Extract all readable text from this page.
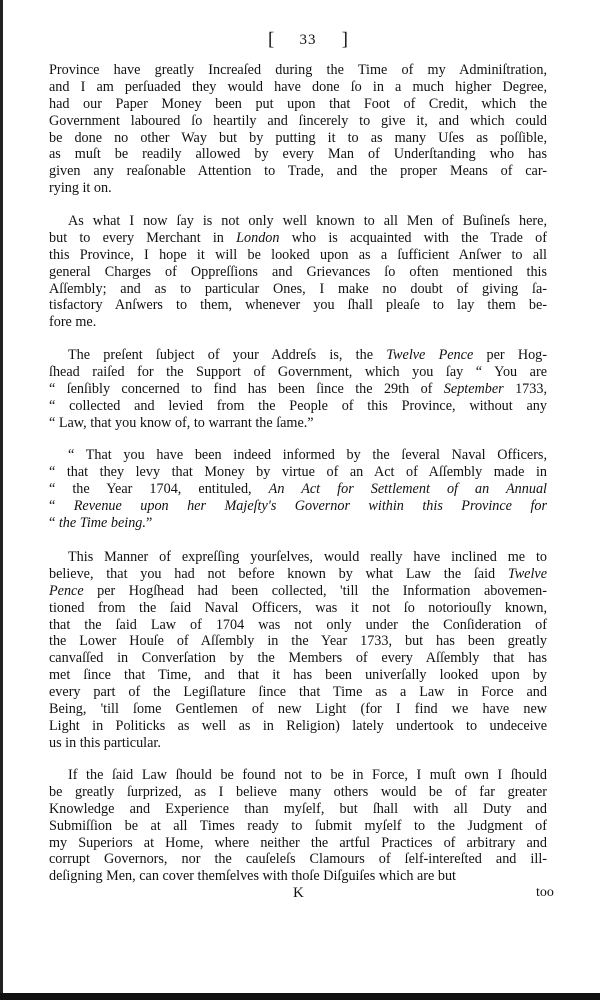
[ 33 ]
Province have greatly Increaſed during the Time of my Adminiſtration,
and I am perſuaded they would have done ſo in a much higher Degree,
had our Paper Money been put upon that Foot of Credit, which the
Government laboured ſo heartily and ſincerely to give it, and which could
be done no other Way but by putting it to as many Uſes as poſſible,
as muſt be readily allowed by every Man of Underſtanding who has
given any reaſonable Attention to Trade, and the proper Means of car-
rying it on.
As what I now ſay is not only well known to all Men of Buſineſs here,
but to every Merchant in London who is acquainted with the Trade of
this Province, I hope it will be looked upon as a ſufficient Anſwer to all
general Charges of Oppreſſions and Grievances ſo often mentioned this
Aſſembly; and as to particular Ones, I make no doubt of giving ſa-
tisfactory Anſwers to them, whenever you ſhall pleaſe to lay them be-
fore me.
The preſent ſubject of your Addreſs is, the Twelve Pence per Hog-
ſhead raiſed for the Support of Government, which you ſay “ You are
“ ſenſibly concerned to find has been ſince the 29th of September 1733,
“ collected and levied from the People of this Province, without any
“ Law, that you know of, to warrant the ſame.”
“ That you have been indeed informed by the ſeveral Naval Officers,
“ that they levy that Money by virtue of an Act of Aſſembly made in
“ the Year 1704, entituled, An Act for Settlement of an Annual
“ Revenue upon her Majeſty's Governor within this Province for
“ the Time being.”
This Manner of expreſſing yourſelves, would really have inclined me to
believe, that you had not before known by what Law the ſaid Twelve
Pence per Hogſhead had been collected, 'till the Information abovemen-
tioned from the ſaid Naval Officers, was it not ſo notoriouſly known,
that the ſaid Law of 1704 was not only under the Conſideration of
the Lower Houſe of Aſſembly in the Year 1733, but has been greatly
canvaſſed in Converſation by the Members of every Aſſembly that has
met ſince that Time, and that it has been univerſally looked upon by
every part of the Legiſlature ſince that Time as a Law in Force and
Being, 'till ſome Gentlemen of new Light (for I find we have new
Light in Politicks as well as in Religion) lately undertook to undeceive
us in this particular.
If the ſaid Law ſhould be found not to be in Force, I muſt own I ſhould
be greatly ſurprized, as I believe many others would be of far greater
Knowledge and Experience than myſelf, but ſhall with all Duty and
Submiſſion be at all Times ready to ſubmit myſelf to the Judgment of
my Superiors at Home, where neither the artful Practices of arbitrary and
corrupt Governors, nor the cauſeleſs Clamours of ſelf-intereſted and ill-
deſigning Men, can cover themſelves with thoſe Diſguiſes which are but
K	too
